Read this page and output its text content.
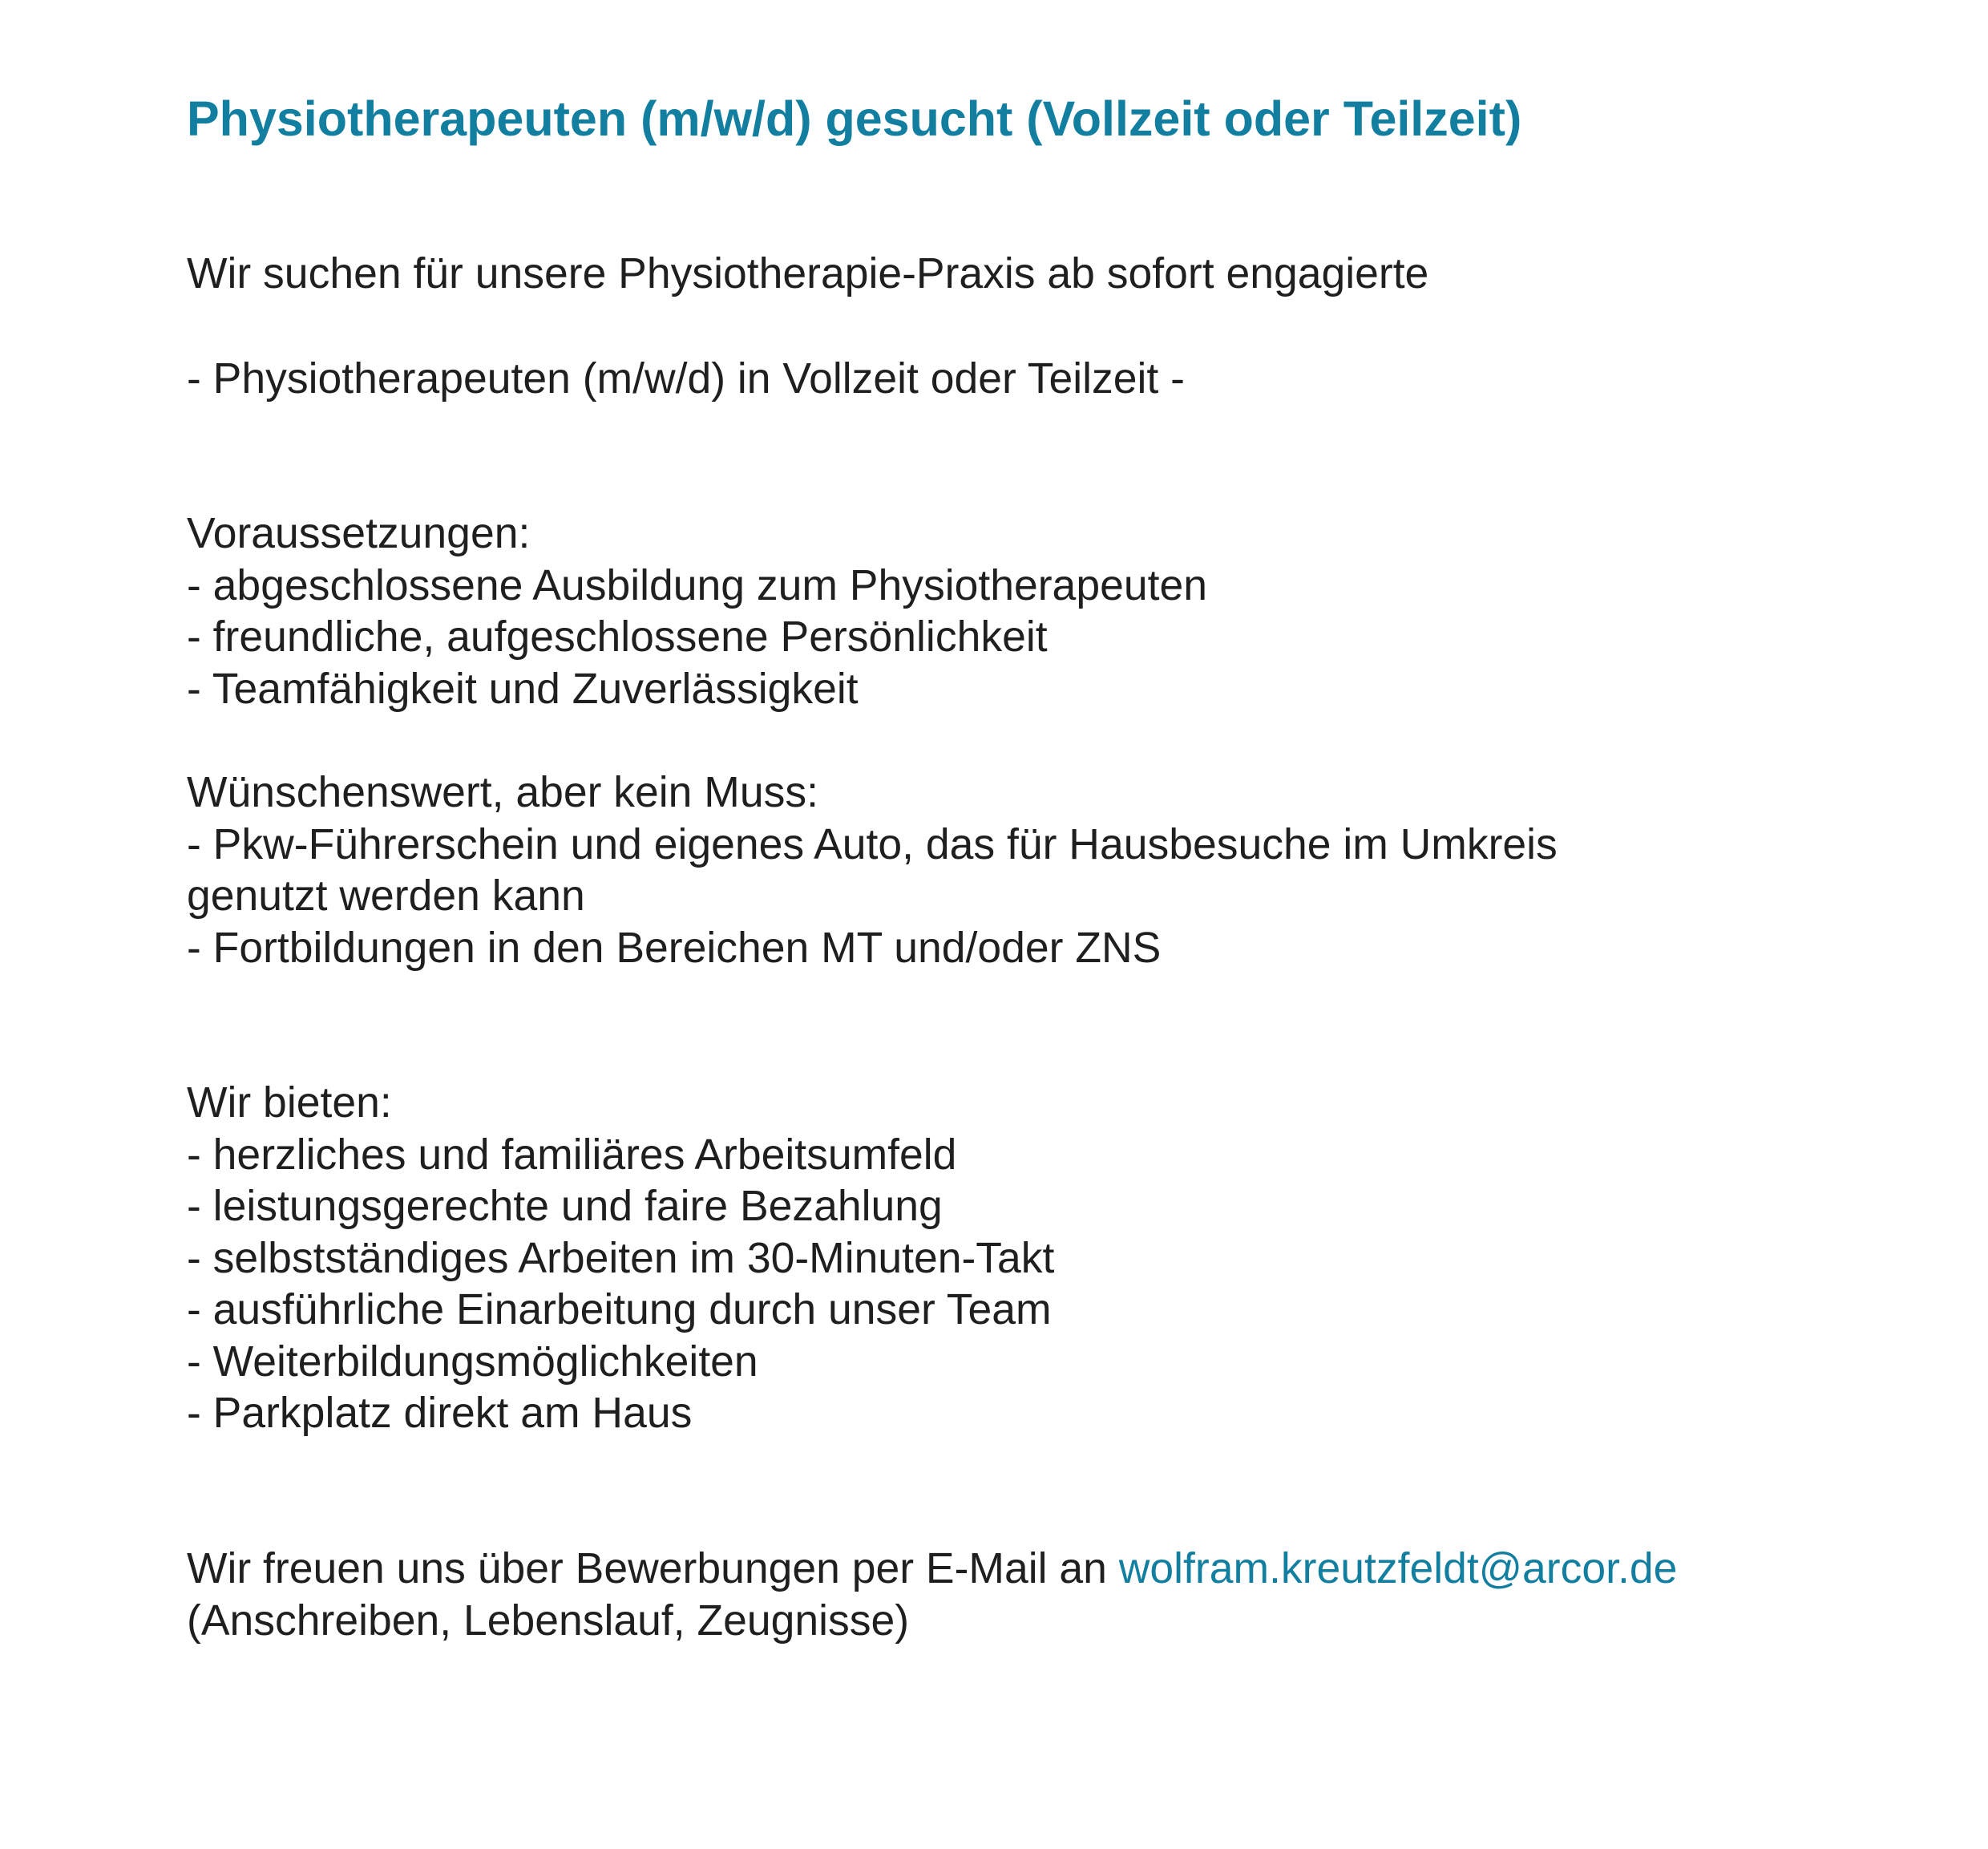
Physiotherapeuten (m/w/d) gesucht (Vollzeit oder Teilzeit)
Wir suchen für unsere Physiotherapie-Praxis ab sofort engagierte
- Physiotherapeuten (m/w/d) in Vollzeit oder Teilzeit -
Voraussetzungen:
- abgeschlossene Ausbildung zum Physiotherapeuten
- freundliche, aufgeschlossene Persönlichkeit
- Teamfähigkeit und Zuverlässigkeit
Wünschenswert, aber kein Muss:
- Pkw-Führerschein und eigenes Auto, das für Hausbesuche im Umkreis
genutzt werden kann
- Fortbildungen in den Bereichen MT und/oder ZNS
Wir bieten:
- herzliches und familiäres Arbeitsumfeld
- leistungsgerechte und faire Bezahlung
- selbstständiges Arbeiten im 30-Minuten-Takt
- ausführliche Einarbeitung durch unser Team
- Weiterbildungsmöglichkeiten
- Parkplatz direkt am Haus
Wir freuen uns über Bewerbungen per E-Mail an wolfram.kreutzfeldt@arcor.de
(Anschreiben, Lebenslauf, Zeugnisse)
